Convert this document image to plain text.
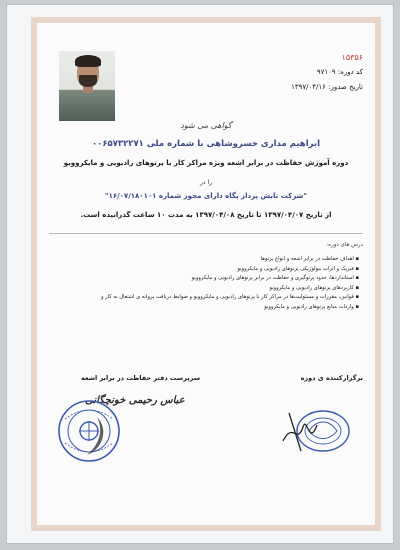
۱۵۳۵۶
کد دوره: ۹۷۱۰۹
تاریخ صدور: ۱۳۹۷/۰۴/۱۶
گواهی می شود
ابراهیم مداری خسروشاهی با شماره ملی ۰۰۶۵۷۳۲۲۷۱
دوره آموزش حفاظت در برابر اشعه ویژه مراکز کار با پرتوهای رادیویی و مایکروویو
را در
"شرکت تابش پرداز پگاه دارای مجوز شماره ۱۶/۰۷/۱۸۰۱۰۱"
از تاریخ ۱۳۹۷/۰۴/۰۷ تا تاریخ ۱۳۹۷/۰۴/۰۸ به مدت ۱۰ ساعت گذرانیده است.
درس های دوره:
▪ اهداف حفاظت در برابر اشعه و انواع پرتوها
▪ فیزیک و اثرات بیولوژیکی پرتوهای رادیویی و مایکروویو
▪ استانداردها، حدود پرتوگیری و حفاظت در برابر پرتوهای رادیویی و مایکروویو
▪ کاربردهای پرتوهای رادیویی و مایکروویو
▪ قوانین، مقررات و مسئولیت‌ها در مراکز کار با پرتوهای رادیویی و مایکروویو و ضوابط دریافت پروانه ی اشتغال به کار و
▪ واردات منابع پرتوهای رادیویی و مایکروویو
برگزارکننده ی دوره
سرپرست دفتر حفاظت در برابر اشعه
عباس رحیمی خونچگانی
